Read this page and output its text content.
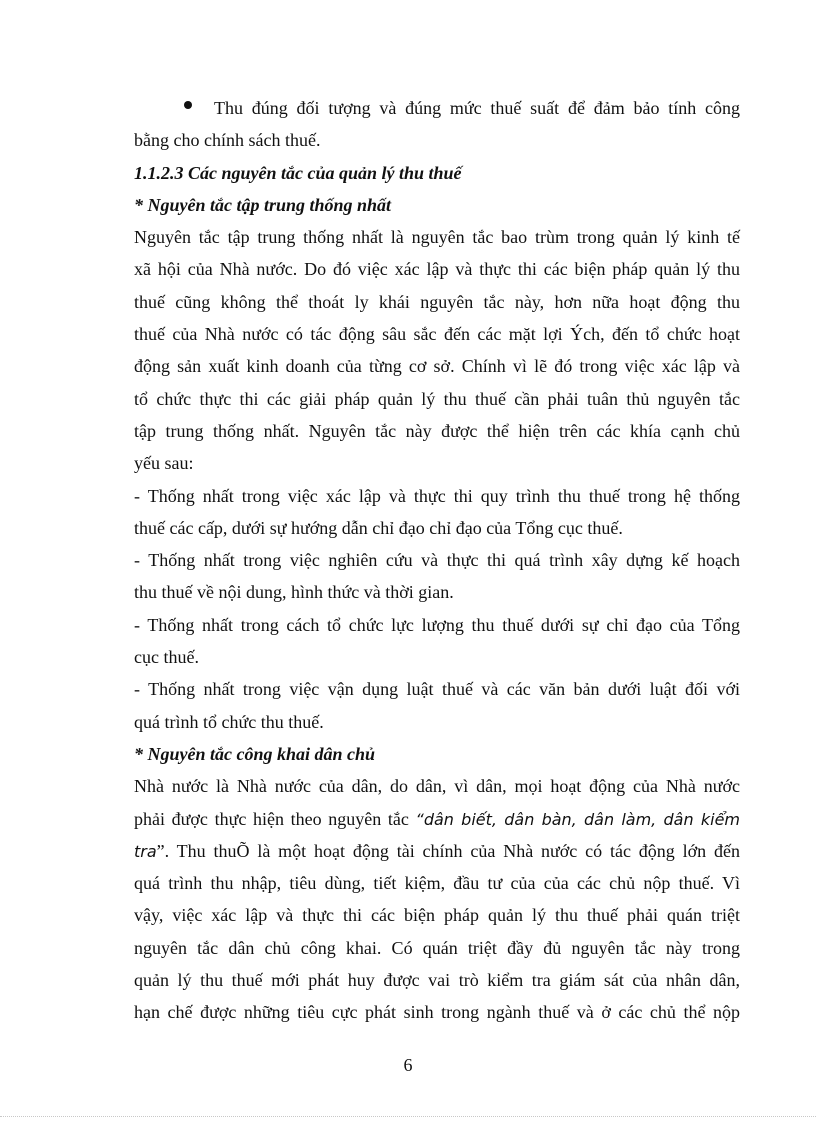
Thu đúng đối tượng và đúng mức thuế suất để đảm bảo tính công
bằng cho chính sách thuế.
1.1.2.3 Các nguyên tắc của quản lý thu thuế
* Nguyên tắc tập trung thống nhất
Nguyên tắc tập trung thống nhất là nguyên tắc bao trùm trong quản lý kinh tế
xã hội của Nhà nước. Do đó việc xác lập và thực thi các biện pháp quản lý thu
thuế cũng không thể thoát ly khái nguyên tắc này, hơn nữa hoạt động thu
thuế của Nhà nước có tác động sâu sắc đến các mặt lợi Ých, đến tổ chức hoạt
động sản xuất kinh doanh của từng cơ sở. Chính vì lẽ đó trong việc xác lập và
tổ chức thực thi các giải pháp quản lý thu thuế cần phải tuân thủ nguyên tắc
tập trung thống nhất. Nguyên tắc này được thể hiện trên các khía cạnh chủ
yếu sau:
- Thống nhất trong việc xác lập và thực thi quy trình thu thuế trong hệ thống
thuế các cấp, dưới sự hướng dẫn chỉ đạo chỉ đạo của Tổng cục thuế.
- Thống nhất trong việc nghiên cứu và thực thi quá trình xây dựng kế hoạch
thu thuế về nội dung, hình thức và thời gian.
- Thống nhất trong cách tổ chức lực lượng thu thuế dưới sự chỉ đạo của Tổng
cục thuế.
- Thống nhất trong việc vận dụng luật thuế và các văn bản dưới luật đối với
quá trình tổ chức thu thuế.
* Nguyên tắc công khai dân chủ
Nhà nước là Nhà nước của dân, do dân, vì dân, mọi hoạt động của Nhà nước
phải được thực hiện theo nguyên tắc “dân biết, dân bàn, dân làm, dân kiểm
tra”. Thu thuÕ là một hoạt động tài chính của Nhà nước có tác động lớn đến
quá trình thu nhập, tiêu dùng, tiết kiệm, đầu tư của của các chủ nộp thuế. Vì
vậy, việc xác lập và thực thi các biện pháp quản lý thu thuế phải quán triệt
nguyên tắc dân chủ công khai. Có quán triệt đầy đủ nguyên tắc này trong
quản lý thu thuế mới phát huy được vai trò kiểm tra giám sát của nhân dân,
hạn chế được những tiêu cực phát sinh trong ngành thuế và ở các chủ thể nộp
6
